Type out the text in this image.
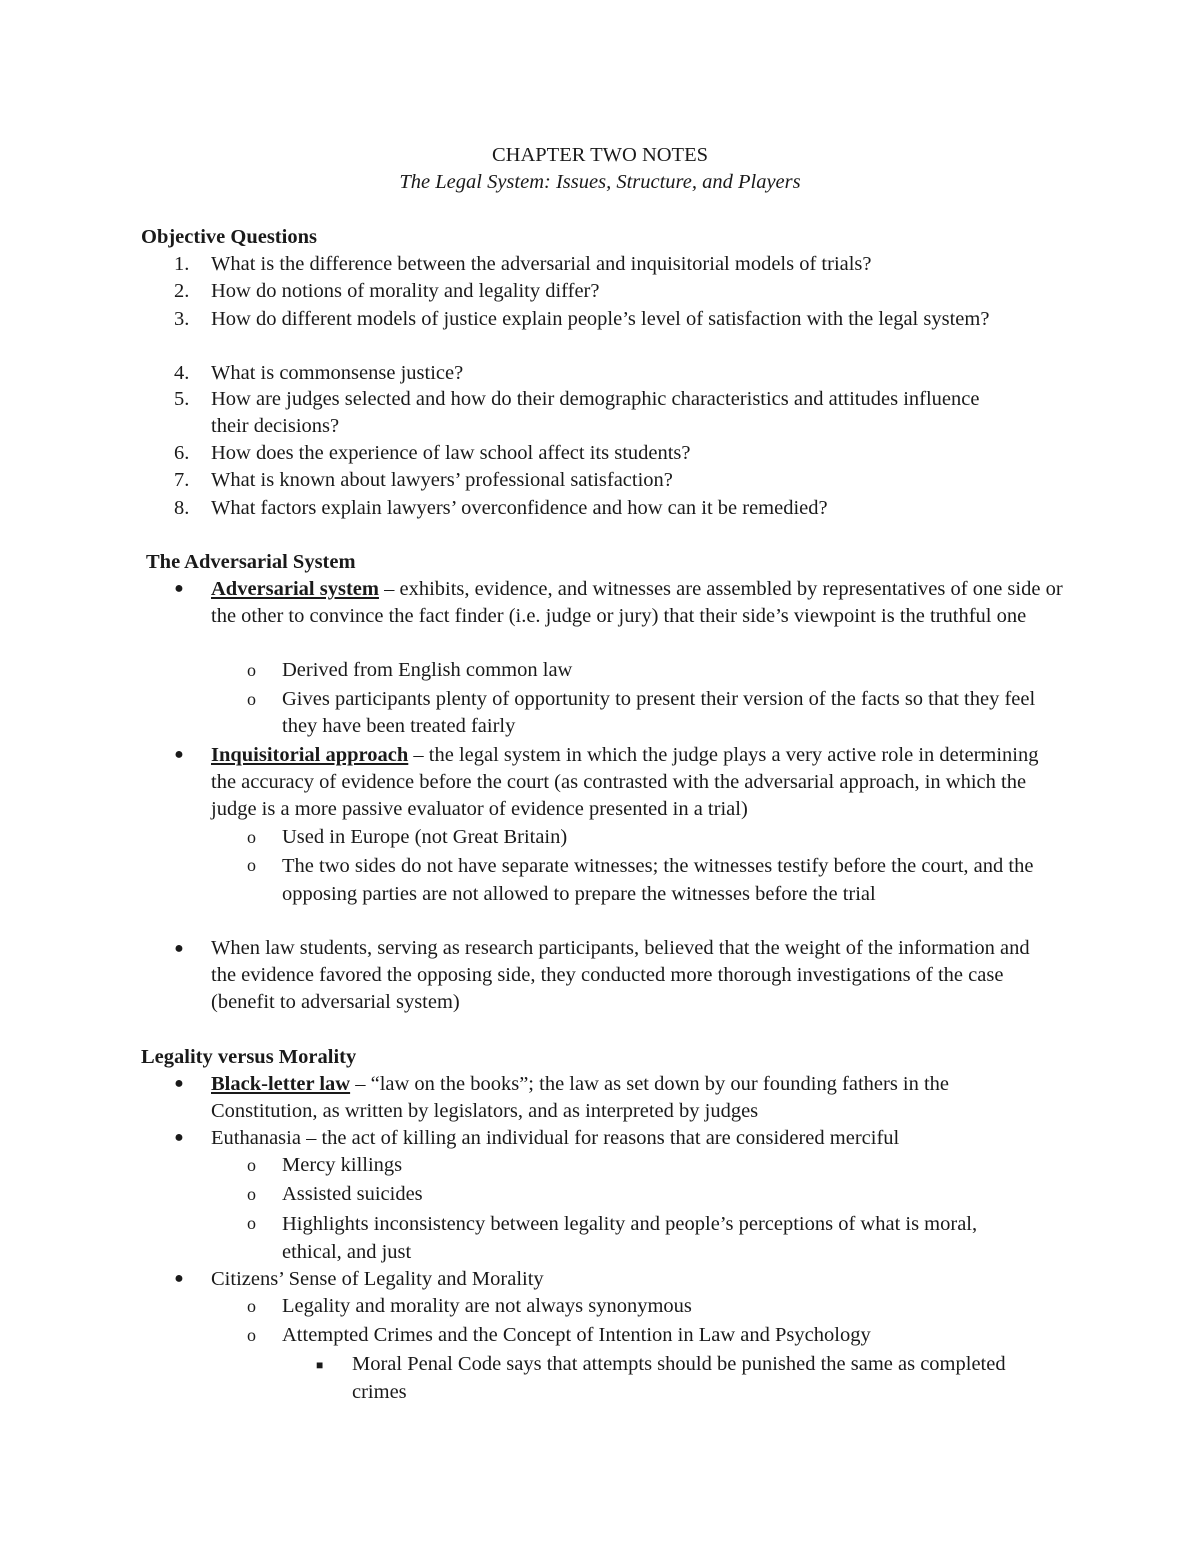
CHAPTER TWO NOTES
The Legal System: Issues, Structure, and Players
Objective Questions
1. What is the difference between the adversarial and inquisitorial models of trials?
2. How do notions of morality and legality differ?
3. How do different models of justice explain people’s level of satisfaction with the legal system?
4. What is commonsense justice?
5. How are judges selected and how do their demographic characteristics and attitudes influence their decisions?
6. How does the experience of law school affect its students?
7. What is known about lawyers’ professional satisfaction?
8. What factors explain lawyers’ overconfidence and how can it be remedied?
The Adversarial System
● Adversarial system – exhibits, evidence, and witnesses are assembled by representatives of one side or the other to convince the fact finder (i.e. judge or jury) that their side’s viewpoint is the truthful one
o Derived from English common law
o Gives participants plenty of opportunity to present their version of the facts so that they feel they have been treated fairly
● Inquisitorial approach – the legal system in which the judge plays a very active role in determining the accuracy of evidence before the court (as contrasted with the adversarial approach, in which the judge is a more passive evaluator of evidence presented in a trial)
o Used in Europe (not Great Britain)
o The two sides do not have separate witnesses; the witnesses testify before the court, and the opposing parties are not allowed to prepare the witnesses before the trial
● When law students, serving as research participants, believed that the weight of the information and the evidence favored the opposing side, they conducted more thorough investigations of the case (benefit to adversarial system)
Legality versus Morality
● Black-letter law – “law on the books”; the law as set down by our founding fathers in the Constitution, as written by legislators, and as interpreted by judges
● Euthanasia – the act of killing an individual for reasons that are considered merciful
o Mercy killings
o Assisted suicides
o Highlights inconsistency between legality and people’s perceptions of what is moral, ethical, and just
● Citizens’ Sense of Legality and Morality
o Legality and morality are not always synonymous
o Attempted Crimes and the Concept of Intention in Law and Psychology
■ Moral Penal Code says that attempts should be punished the same as completed crimes
